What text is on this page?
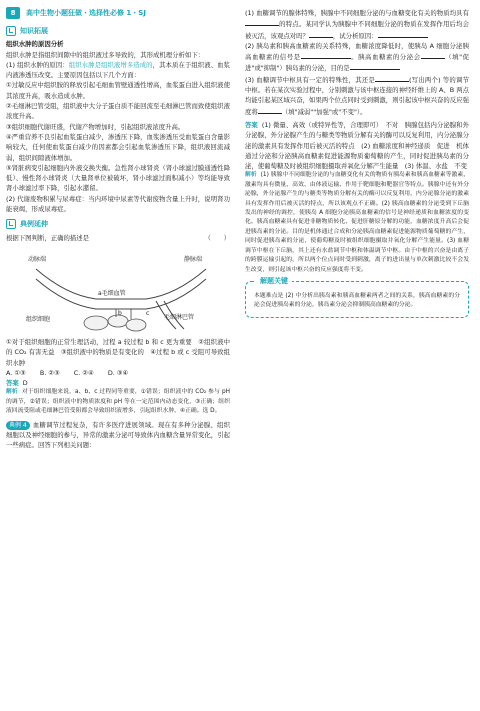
8	高中生物小题狂做・选择性必修 1・SJ
知识拓展

组织水肿的原因分析

组织水肿是指组织间隙中的组织液过多导致的，其形成机理分析如下：

(1) 组织水肿的原因：组织水肿是组织液增多造成的，其本质在于组织液、血浆内液渗透压改变。主要原因包括以下几个方面：

①过敏反应中组织胺的释放引起毛细血管壁通透性增高，血浆蛋白进入组织液使其浓度升高，吸水造成水肿。

②毛细淋巴管受阻，组织液中大分子蛋白质不能回流至毛细淋巴管而致使组织液浓度升高。

③组织细胞代谢旺盛，代谢产物增加时，引起组织液浓度升高。

④严重营养不良引起血浆蛋白减少，渗透压下降，血浆渗透压受血浆蛋白含量影响较大，任何使血浆蛋白减少的因素都会引起血浆渗透压下降，组织液回流减弱，组织间隙液体增加。

⑤肾脏病变引起细胞内外液交换失衡。急性肾小球肾炎（肾小球滤过膜通透性降低）、慢性肾小球肾炎（大量肾单位被破坏，肾小球滤过面积减小）等均能导致肾小球滤过率下降，引起水潴留。

(2) 代谢废物积累与尿毒症：当内环境中尿素等代谢废物含量上升时，说明肾功能衰竭，形成尿毒症。

典例延伸

根据下图判断，正确的描述是	（　　）

动脉端	静脉端
a毛细血管
组织细胞
b	c
毛细淋巴管

①对于组织细胞的正常生理活动，过程 a 较过程 b 和 c 更为重要　②组织液中的 CO₂ 有害无益　③组织液中的物质是有变化的　④过程 b 或 c 受阻可导致组织水肿

A. ①③ B. ②③ C. ②④ D. ③④

答案 D

解析 对于组织细胞来说，a、b、c 过程同等重要，①错误；组织液中的 CO₂ 参与 pH 的调节，②错误；组织液中的物质浓度和 pH 等在一定范围内动态变化，③正确；组织液回流受阻或毛细淋巴管受阻都会导致组织液增多，引起组织水肿，④正确。选 D。

典例 4 血糖调节过程复杂，有许多医疗进展领域。现在有多种分泌腺、组织细胞以及神经细胞的参与，异常的激素分泌可导致体内血糖含量异常变化，引起一些病症。回答下列相关问题：

(1) 血糖调节的腺体特殊，胰腺中不同细胞分泌的与血糖变化有关的物质均具有的特点。某同学认为胰腺中不同细胞分泌的物质在发挥作用后均会被灭活，该观点对吗？	，试分析原因：

(2) 胰岛素和胰高血糖素的关系特殊，血糖浓度降低时，使胰岛 A 细胞分泌胰高血糖素的信号是	。胰高血糖素的分泌会	（填"促进"或"抑制"）胰岛素的分泌，目的是

(3) 血糖调节中枢具有一定的特殊性，其还是	(写出两个) 等的调节中枢。若在某次实验过程中，分别刺激与该中枢连接的神经纤维上的 A、B 两点均能引起某区域兴奋，如果两个位点同时受到刺激，则引起该中枢兴奋的反应强度将	（填"减弱""加强"或"不变"）。

答案 (1) 微量、高效（或特异性等，合理即可）　不对　胰腺包括内分泌腺和外分泌腺，外分泌腺产生的与糖类等物质分解有关的酶可以反复利用，内分泌腺分泌的激素具有发挥作用后被灭活的特点　(2) 血糖浓度和神经递质　促进　机体通过分泌和分泌胰高血糖素促进能源物质葡萄糖的产生，同时促进胰岛素的分泌，使葡萄糖及时被组织细胞摄取并氧化分解产生能量　(3) 体温、水盐　不变

解析 (1) 胰腺中不同细胞分泌的与血糖变化有关的物质有胰岛素和胰高血糖素等激素，激素均具有微量、高效、由体液运输、作用于靶细胞和靶器官等特点。胰腺中还有外分泌腺，外分泌腺产生的与糖类等物质分解有关的酶可以反复利用，内分泌腺分泌的激素具有发挥作用后被灭活的特点，所以该观点不正确。(2) 胰高血糖素的分泌受到下丘脑发出的神经的调控，使胰岛 A 细胞分泌胰高血糖素的信号是神经递质和血糖浓度的变化。胰高血糖素具有促进非糖物质转化、促进肝糖原分解的功能，血糖浓度升高后会促进胰岛素的分泌。目的是机体通过合成和分泌胰高血糖素促进能源物质葡萄糖的产生，同时促进胰岛素的分泌，使葡萄糖及时被组织细胞摄取并氧化分解产生能量。(3) 血糖调节中枢在下丘脑，其上还有水盐调节中枢和体温调节中枢。由于中枢的兴奋是由离子的跨膜运输引起的，所以两个位点同时受到刺激，离子的进出量与单次刺激比较不会发生改变，则引起该中枢兴奋的反应强度将不变。

解题关键

本题难点是 (2) 中分析出胰岛素和胰高血糖素两者之间的关系，胰高血糖素的分泌会促进胰岛素的分泌，胰岛素分泌会抑制胰高血糖素的分泌。
